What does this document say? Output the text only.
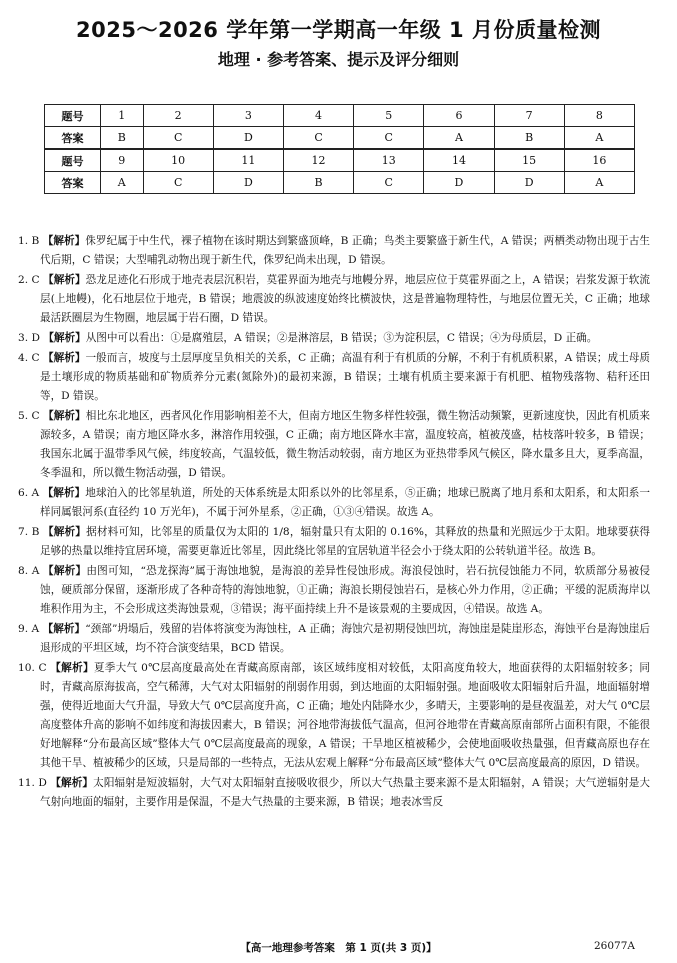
2025～2026 学年第一学期高一年级 1 月份质量检测
地理 · 参考答案、提示及评分细则
题号	1	2	3	4	5	6	7	8
答案	B	C	D	C	C	A	B	A
题号	9	10	11	12	13	14	15	16
答案	A	C	D	B	C	D	D	A

1. B 【解析】侏罗纪属于中生代，裸子植物在该时期达到繁盛顶峰，B 正确；鸟类主要繁盛于新生代，A 错误；两栖类动物出现于古生代后期，C 错误；大型哺乳动物出现于新生代，侏罗纪尚未出现，D 错误。

2. C 【解析】恐龙足迹化石形成于地壳表层沉积岩，莫霍界面为地壳与地幔分界，地层应位于莫霍界面之上，A 错误；岩浆发源于软流层(上地幔)，化石地层位于地壳，B 错误；地震波的纵波速度始终比横波快，这是普遍物理特性，与地层位置无关，C 正确；地球最活跃圈层为生物圈，地层属于岩石圈，D 错误。

3. D 【解析】从图中可以看出：①是腐殖层，A 错误；②是淋溶层，B 错误；③为淀积层，C 错误；④为母质层，D 正确。

4. C 【解析】一般而言，坡度与土层厚度呈负相关的关系，C 正确；高温有利于有机质的分解，不利于有机质积累，A 错误；成土母质是土壤形成的物质基础和矿物质养分元素(氮除外)的最初来源，B 错误；土壤有机质主要来源于有机肥、植物残落物、秸秆还田等，D 错误。

5. C 【解析】相比东北地区，西者风化作用影响相差不大，但南方地区生物多样性较强，微生物活动频繁，更新速度快，因此有机质来源较多，A 错误；南方地区降水多，淋溶作用较强，C 正确；南方地区降水丰富，温度较高，植被茂盛，枯枝落叶较多，B 错误；我国东北属于温带季风气候，纬度较高，气温较低，微生物活动较弱，南方地区为亚热带季风气候区，降水量多且大，夏季高温，冬季温和，所以微生物活动强，D 错误。

6. A 【解析】地球泊入的比邻星轨道，所处的天体系统是太阳系以外的比邻星系，⑤正确；地球已脱离了地月系和太阳系，和太阳系一样同属银河系(直径约 10 万光年)，不属于河外星系，②正确，①③④错误。故选 A。

7. B 【解析】据材料可知，比邻星的质量仅为太阳的 1/8，辐射量只有太阳的 0.16%，其释放的热量和光照远少于太阳。地球要获得足够的热量以维持宜居环境，需要更靠近比邻星，因此绕比邻星的宜居轨道半径会小于绕太阳的公转轨道半径。故选 B。

8. A 【解析】由图可知，“恐龙探海”属于海蚀地貌，是海浪的差异性侵蚀形成。海浪侵蚀时，岩石抗侵蚀能力不同，软质部分易被侵蚀，硬质部分保留，逐渐形成了各种奇特的海蚀地貌，①正确；海浪长期侵蚀岩石，是核心外力作用，②正确；平缓的泥质海岸以堆积作用为主，不会形成这类海蚀景观，③错误；海平面持续上升不是该景观的主要成因，④错误。故选 A。

9. A 【解析】“颈部”坍塌后，残留的岩体将演变为海蚀柱，A 正确；海蚀穴是初期侵蚀凹坑，海蚀崖是陡崖形态，海蚀平台是海蚀崖后退形成的平坦区域，均不符合演变结果，BCD 错误。

10. C 【解析】夏季大气 0℃层高度最高处在青藏高原南部，该区域纬度相对较低，太阳高度角较大，地面获得的太阳辐射较多；同时，青藏高原海拔高，空气稀薄，大气对太阳辐射的削弱作用弱，到达地面的太阳辐射强。地面吸收太阳辐射后升温，地面辐射增强，使得近地面大气升温，导致大气 0℃层高度升高，C 正确；地处内陆降水少，多晴天，主要影响的是昼夜温差，对大气 0℃层高度整体升高的影响不如纬度和海拔因素大，B 错误；河谷地带海拔低气温高，但河谷地带在青藏高原南部所占面积有限，不能很好地解释“分布最高区域”整体大气 0℃层高度最高的现象，A 错误；干旱地区植被稀少，会使地面吸收热量强，但青藏高原也存在其他干旱、植被稀少的区域，只是局部的一些特点，无法从宏观上解释“分布最高区域”整体大气 0℃层高度最高的原因，D 错误。

11. D 【解析】太阳辐射是短波辐射，大气对太阳辐射直接吸收很少，所以大气热量主要来源不是太阳辐射，A 错误；大气逆辐射是大气射向地面的辐射，主要作用是保温，不是大气热量的主要来源，B 错误；地表冰雪反

【高一地理参考答案　第 1 页(共 3 页)】	26077A
